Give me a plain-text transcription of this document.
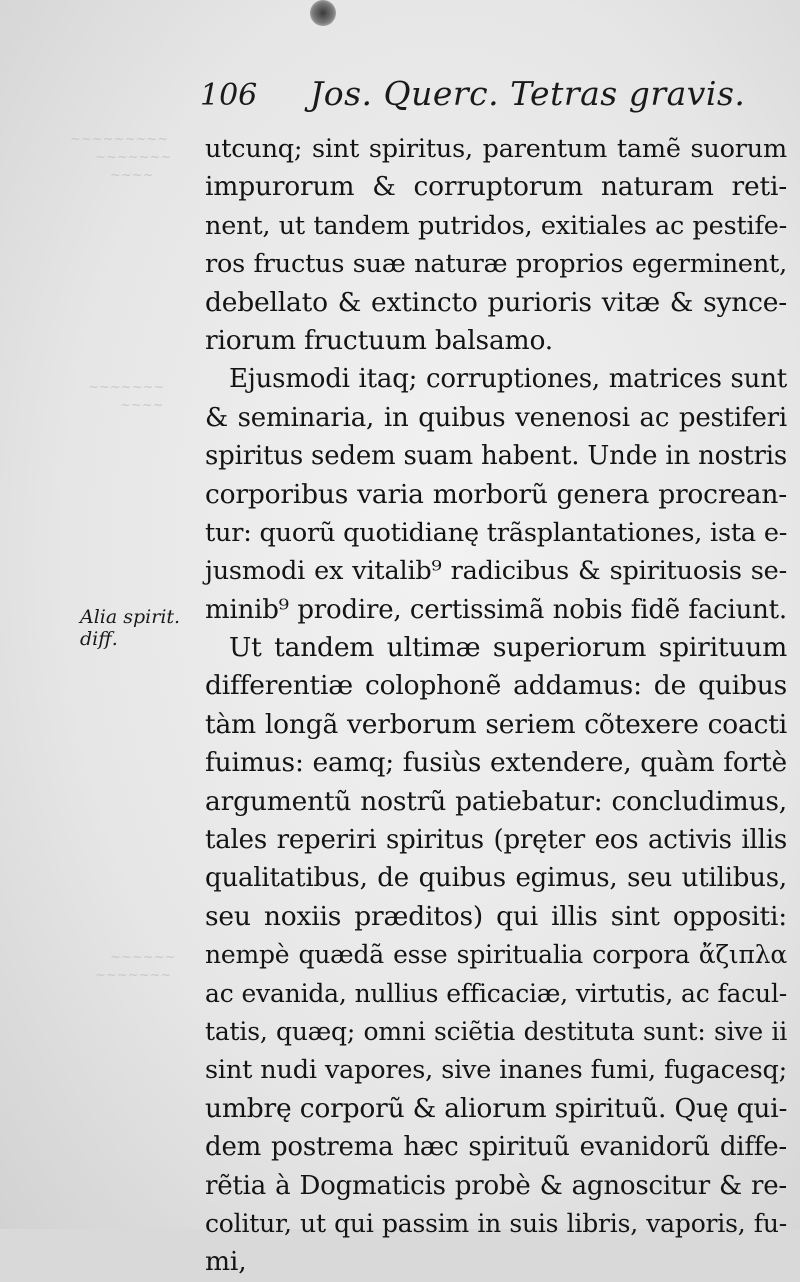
~~~~~~~~~
~~~~~~~
~~~~
~~~~~~~
~~~~
~~~~~~
~~~~~~~
106 Jos. Querc. Tetras gravis.
Alia spirit.
diff.
utcunq; sint spiritus, parentum tamẽ suorum
impurorum & corruptorum naturam reti-
nent, ut tandem putridos, exitiales ac pestife-
ros fructus suæ naturæ proprios egerminent,
debellato & extincto purioris vitæ & synce-
riorum fructuum balsamo.
Ejusmodi itaq; corruptiones, matrices sunt
& seminaria, in quibus venenosi ac pestiferi
spiritus sedem suam habent. Unde in nostris
corporibus varia morborũ genera procrean-
tur: quorũ quotidianę trãsplantationes, ista e-
jusmodi ex vitalib⁹ radicibus & spirituosis se-
minib⁹ prodire, certissimã nobis fidẽ faciunt.
Ut tandem ultimæ superiorum spirituum
differentiæ colophonẽ addamus: de quibus
tàm longã verborum seriem cõtexere coacti
fuimus: eamq; fusiùs extendere, quàm fortè
argumentũ nostrũ patiebatur: concludimus,
tales reperiri spiritus (pręter eos activis illis
qualitatibus, de quibus egimus, seu utilibus,
seu noxiis præditos) qui illis sint oppositi:
nempè quædã esse spiritualia corpora ἄζιπλα
ac evanida, nullius efficaciæ, virtutis, ac facul-
tatis, quæq; omni sciẽtia destituta sunt: sive ii
sint nudi vapores, sive inanes fumi, fugacesq;
umbrę corporũ & aliorum spirituũ. Quę qui-
dem postrema hæc spirituũ evanidorũ diffe-
rẽtia à Dogmaticis probè & agnoscitur & re-
colitur, ut qui passim in suis libris, vaporis, fu-
mi,
